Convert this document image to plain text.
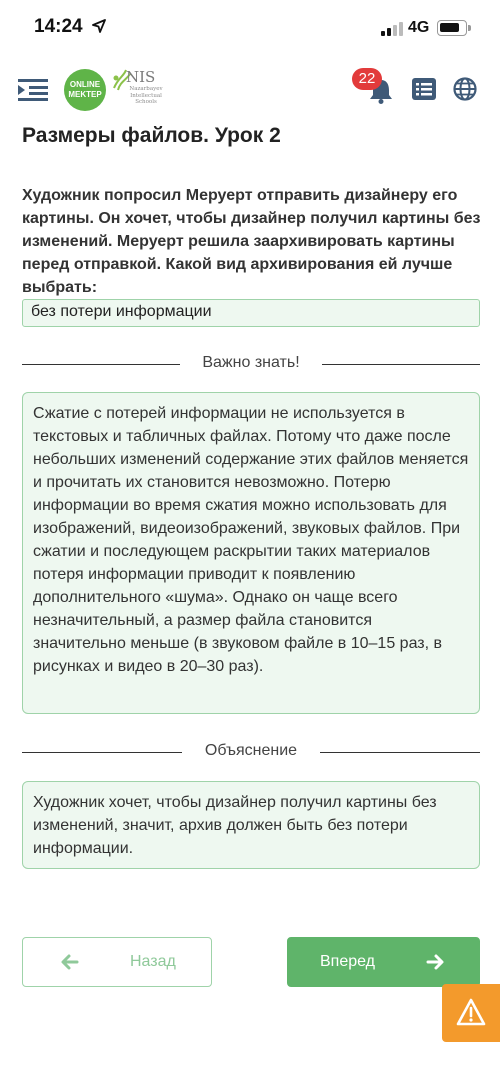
14:24	4G
ONLINE MEKTEP
NIS
Nazarbayev Intellectual Schools
22
Размеры файлов. Урок 2

Художник попросил Меруерт отправить дизайнеру его картины. Он хочет, чтобы дизайнер получил картины без изменений. Меруерт решила заархивировать картины перед отправкой. Какой вид архивирования ей лучше выбрать:

без потери информации
Важно знать!

Сжатие с потерей информации не используется в текстовых и табличных файлах. Потому что даже после небольших изменений содержание этих файлов меняется и прочитать их становится невозможно. Потерю информации во время сжатия можно использовать для изображений, видеоизображений, звуковых файлов. При сжатии и последующем раскрытии таких материалов потеря информации приводит к появлению дополнительного «шума». Однако он чаще всего незначительный, а размер файла становится значительно меньше (в звуковом файле в 10–15 раз, в рисунках и видео в 20–30 раз).

Объяснение

Художник хочет, чтобы дизайнер получил картины без изменений, значит, архив должен быть без потери информации.

Назад	Вперед
